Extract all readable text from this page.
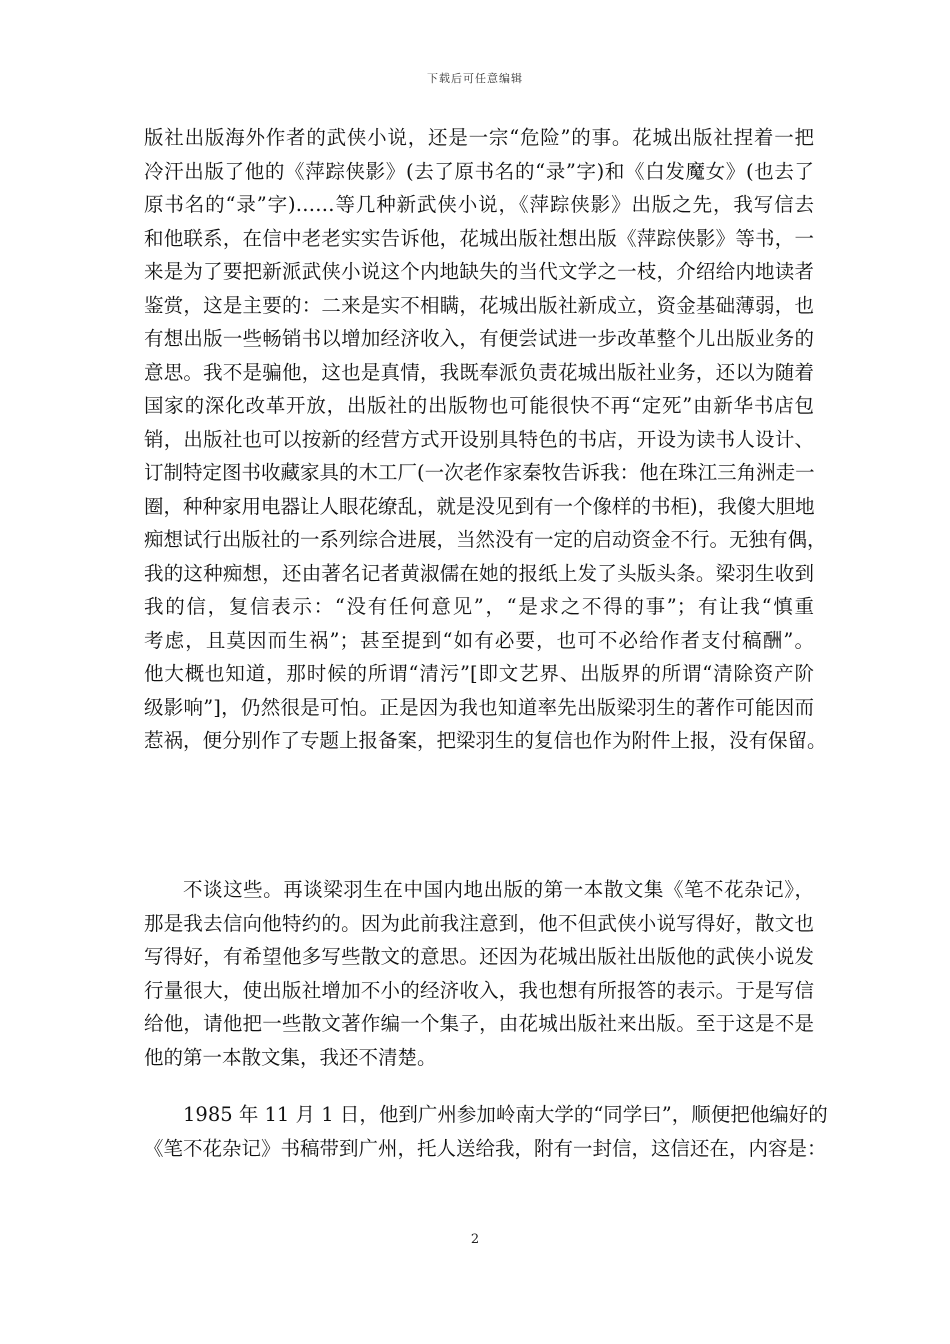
下载后可任意编辑
版社出版海外作者的武侠小说，还是一宗“危险”的事。花城出版社捏着一把
冷汗出版了他的《萍踪侠影》(去了原书名的“录”字)和《白发魔女》(也去了
原书名的“录”字)……等几种新武侠小说，《萍踪侠影》出版之先，我写信去
和他联系，在信中老老实实告诉他，花城出版社想出版《萍踪侠影》等书，一
来是为了要把新派武侠小说这个内地缺失的当代文学之一枝，介绍给内地读者
鉴赏，这是主要的：二来是实不相瞒，花城出版社新成立，资金基础薄弱，也
有想出版一些畅销书以增加经济收入，有便尝试进一步改革整个儿出版业务的
意思。我不是骗他，这也是真情，我既奉派负责花城出版社业务，还以为随着
国家的深化改革开放，出版社的出版物也可能很快不再“定死”由新华书店包
销，出版社也可以按新的经营方式开设别具特色的书店，开设为读书人设计、
订制特定图书收藏家具的木工厂(一次老作家秦牧告诉我：他在珠江三角洲走一
圈，种种家用电器让人眼花缭乱，就是没见到有一个像样的书柜)，我傻大胆地
痴想试行出版社的一系列综合进展，当然没有一定的启动资金不行。无独有偶，
我的这种痴想，还由著名记者黄淑儒在她的报纸上发了头版头条。梁羽生收到
我的信，复信表示：“没有任何意见”，“是求之不得的事”；有让我“慎重
考虑，且莫因而生祸”；甚至提到“如有必要，也可不必给作者支付稿酬”。
他大概也知道，那时候的所谓“清污”[即文艺界、出版界的所谓“清除资产阶
级影响”]，仍然很是可怕。正是因为我也知道率先出版梁羽生的著作可能因而
惹祸，便分别作了专题上报备案，把梁羽生的复信也作为附件上报，没有保留。
不谈这些。再谈梁羽生在中国内地出版的第一本散文集《笔不花杂记》，
那是我去信向他特约的。因为此前我注意到，他不但武侠小说写得好，散文也
写得好，有希望他多写些散文的意思。还因为花城出版社出版他的武侠小说发
行量很大，使出版社增加不小的经济收入，我也想有所报答的表示。于是写信
给他，请他把一些散文著作编一个集子，由花城出版社来出版。至于这是不是
他的第一本散文集，我还不清楚。
1985 年 11 月 1 日，他到广州参加岭南大学的“同学曰”，顺便把他编好的
《笔不花杂记》书稿带到广州，托人送给我，附有一封信，这信还在，内容是：
2
